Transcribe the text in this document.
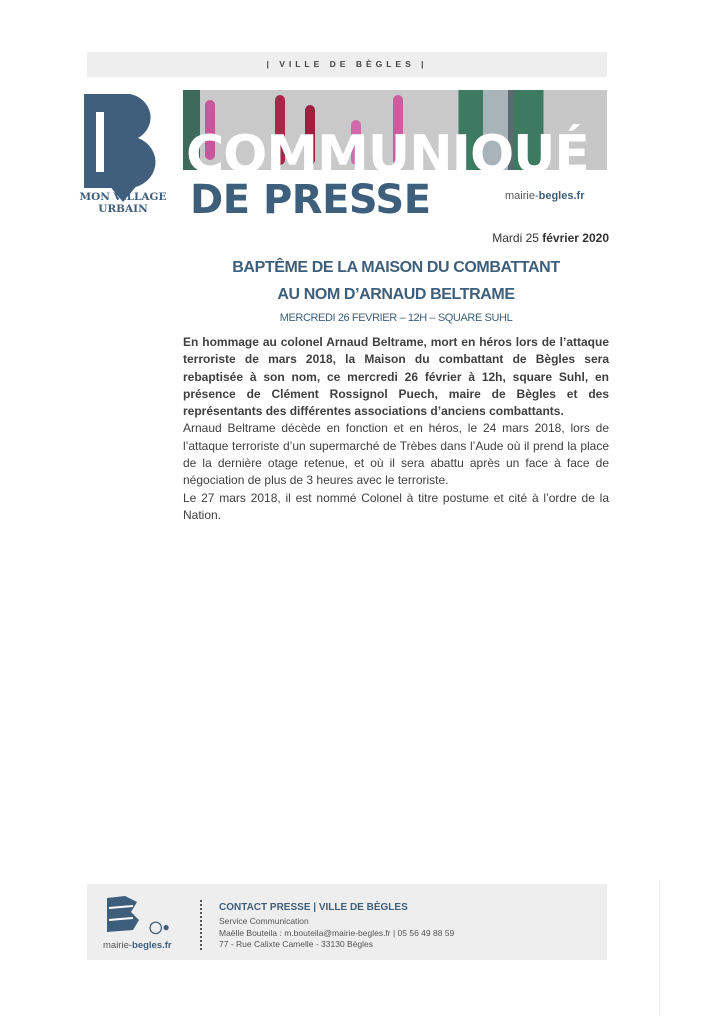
| VILLE DE BÈGLES |
MON VILLAGE
URBAIN
COMMUNIQUÉ
DE PRESSE	mairie-begles.fr
Mardi 25 février 2020
BAPTÊME DE LA MAISON DU COMBATTANT
AU NOM D’ARNAUD BELTRAME
MERCREDI 26 FEVRIER – 12H – SQUARE SUHL

En hommage au colonel Arnaud Beltrame, mort en héros lors de l’attaque terroriste de mars 2018, la Maison du combattant de Bègles sera rebaptisée à son nom, ce mercredi 26 février à 12h, square Suhl, en présence de Clément Rossignol Puech, maire de Bègles et des représentants des différentes associations d’anciens combattants.

Arnaud Beltrame décède en fonction et en héros, le 24 mars 2018, lors de l’attaque terroriste d’un supermarché de Trèbes dans l’Aude où il prend la place de la dernière otage retenue, et où il sera abattu après un face à face de négociation de plus de 3 heures avec le terroriste.

Le 27 mars 2018, il est nommé Colonel à titre postume et cité à l’ordre de la Nation.

◯●
mairie-begles.fr
CONTACT PRESSE | VILLE DE BÈGLES
Service Communication
Maëlle Bouteila : m.bouteila@mairie-begles.fr | 05 56 49 88 59
77 - Rue Calixte Camelle - 33130 Bègles
